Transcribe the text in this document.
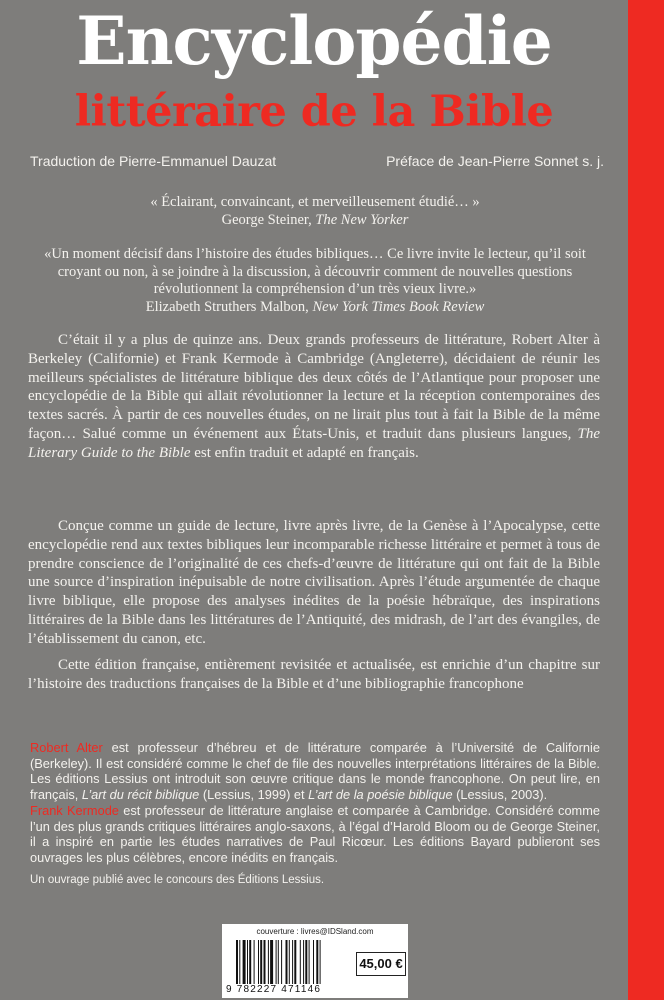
Encyclopédie
littéraire de la Bible
Traduction de Pierre-Emmanuel Dauzat	Préface de Jean-Pierre Sonnet s. j.
« Éclairant, convaincant, et merveilleusement étudié… »
George Steiner, The New Yorker
«Un moment décisif dans l’histoire des études bibliques… Ce livre invite le lecteur, qu’il soit croyant ou non, à se joindre à la discussion, à découvrir comment de nouvelles questions révolutionnent la compréhension d’un très vieux livre.»
Elizabeth Struthers Malbon, New York Times Book Review

C’était il y a plus de quinze ans. Deux grands professeurs de littérature, Robert Alter à Berkeley (Californie) et Frank Kermode à Cambridge (Angleterre), décidaient de réunir les meilleurs spécialistes de littérature biblique des deux côtés de l’Atlantique pour proposer une encyclopédie de la Bible qui allait révolutionner la lecture et la réception contemporaines des textes sacrés. À partir de ces nouvelles études, on ne lirait plus tout à fait la Bible de la même façon… Salué comme un événement aux États-Unis, et traduit dans plusieurs langues, The Literary Guide to the Bible est enfin traduit et adapté en français.

Conçue comme un guide de lecture, livre après livre, de la Genèse à l’Apocalypse, cette encyclopédie rend aux textes bibliques leur incomparable richesse littéraire et permet à tous de prendre conscience de l’originalité de ces chefs-d’œuvre de littérature qui ont fait de la Bible une source d’inspiration inépuisable de notre civilisation. Après l’étude argumentée de chaque livre biblique, elle propose des analyses inédites de la poésie hébraïque, des inspirations littéraires de la Bible dans les littératures de l’Antiquité, des midrash, de l’art des évangiles, de l’établissement du canon, etc.

Cette édition française, entièrement revisitée et actualisée, est enrichie d’un chapitre sur l’histoire des traductions françaises de la Bible et d’une bibliographie francophone

Robert Alter est professeur d’hébreu et de littérature comparée à l’Université de Californie (Berkeley). Il est considéré comme le chef de file des nouvelles interprétations littéraires de la Bible. Les éditions Lessius ont introduit son œuvre critique dans le monde francophone. On peut lire, en français, L’art du récit biblique (Lessius, 1999) et L’art de la poésie biblique (Lessius, 2003).

Frank Kermode est professeur de littérature anglaise et comparée à Cambridge. Considéré comme l’un des plus grands critiques littéraires anglo-saxons, à l’égal d’Harold Bloom ou de George Steiner, il a inspiré en partie les études narratives de Paul Ricœur. Les éditions Bayard publieront ses ouvrages les plus célèbres, encore inédits en français.

Un ouvrage publié avec le concours des Éditions Lessius.
couverture : livres@IDSland.com
9 782227 471146
45,00 €
